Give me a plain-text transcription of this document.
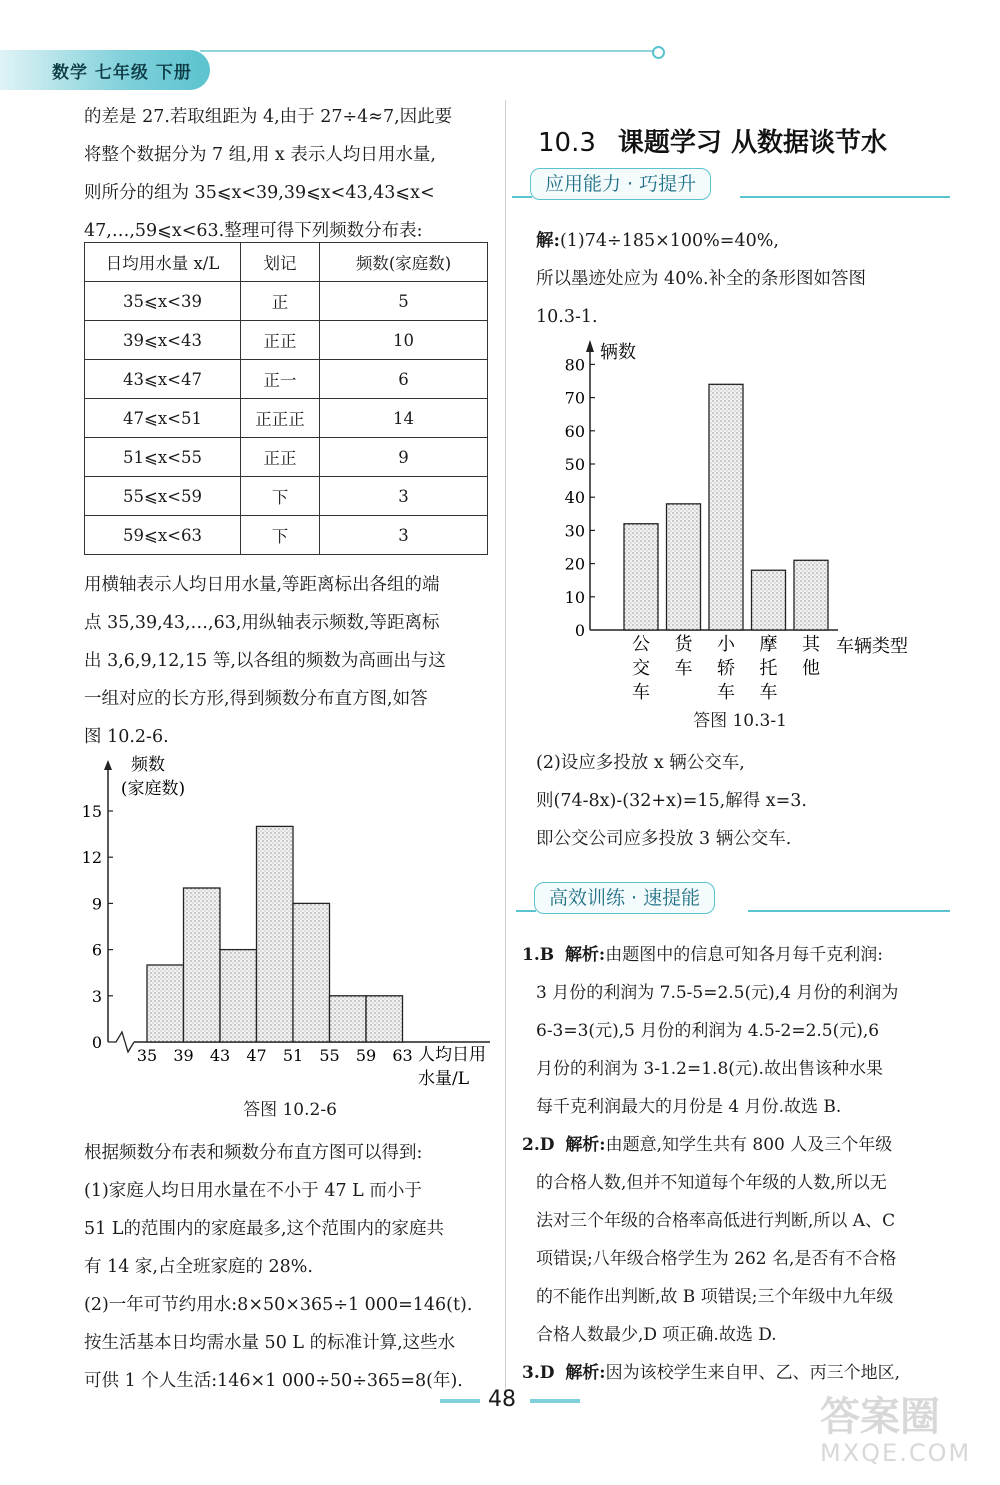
数学 七年级 下册
的差是 27.若取组距为 4,由于 27÷4≈7,因此要
将整个数据分为 7 组,用 x 表示人均日用水量,
则所分的组为 35⩽x<39,39⩽x<43,43⩽x<
47,…,59⩽x<63.整理可得下列频数分布表:
日均用水量 x/L	划记	频数(家庭数)
35⩽x<39	正	5
39⩽x<43	正正	10
43⩽x<47	正一	6
47⩽x<51	正正正	14
51⩽x<55	正正	9
55⩽x<59	下	3
59⩽x<63	下	3
用横轴表示人均日用水量,等距离标出各组的端
点 35,39,43,…,63,用纵轴表示频数,等距离标
出 3,6,9,12,15 等,以各组的频数为高画出与这
一组对应的长方形,得到频数分布直方图,如答
图 10.2-6.
0
3
6
9
12
15
35 39 43 47 51 55 59 63
频数
(家庭数)
人均日用
水量/L
答图 10.2-6
根据频数分布表和频数分布直方图可以得到:
(1)家庭人均日用水量在不小于 47 L 而小于
51 L的范围内的家庭最多,这个范围内的家庭共
有 14 家,占全班家庭的 28%.
(2)一年可节约用水:8×50×365÷1 000=146(t).
按生活基本日均需水量 50 L 的标准计算,这些水
可供 1 个人生活:146×1 000÷50÷365=8(年).
10.3 课题学习 从数据谈节水
应用能力 · 巧提升
解:(1)74÷185×100%=40%,
所以墨迹处应为 40%.补全的条形图如答图
10.3-1.
0
10
20
30
40
50
60
70
80
公
交
车
货
车
小
轿
车
摩
托
车
其
他
辆数
车辆类型
答图 10.3-1
(2)设应多投放 x 辆公交车,
则(74-8x)-(32+x)=15,解得 x=3.
即公交公司应多投放 3 辆公交车.
高效训练 · 速提能
1.B 解析:由题图中的信息可知各月每千克利润:
3 月份的利润为 7.5-5=2.5(元),4 月份的利润为
6-3=3(元),5 月份的利润为 4.5-2=2.5(元),6
月份的利润为 3-1.2=1.8(元).故出售该种水果
每千克利润最大的月份是 4 月份.故选 B.
2.D 解析:由题意,知学生共有 800 人及三个年级
的合格人数,但并不知道每个年级的人数,所以无
法对三个年级的合格率高低进行判断,所以 A、C
项错误;八年级合格学生为 262 名,是否有不合格
的不能作出判断,故 B 项错误;三个年级中九年级
合格人数最少,D 项正确.故选 D.
3.D 解析:因为该校学生来自甲、乙、丙三个地区,
48	答案圈
MXQE.COM
